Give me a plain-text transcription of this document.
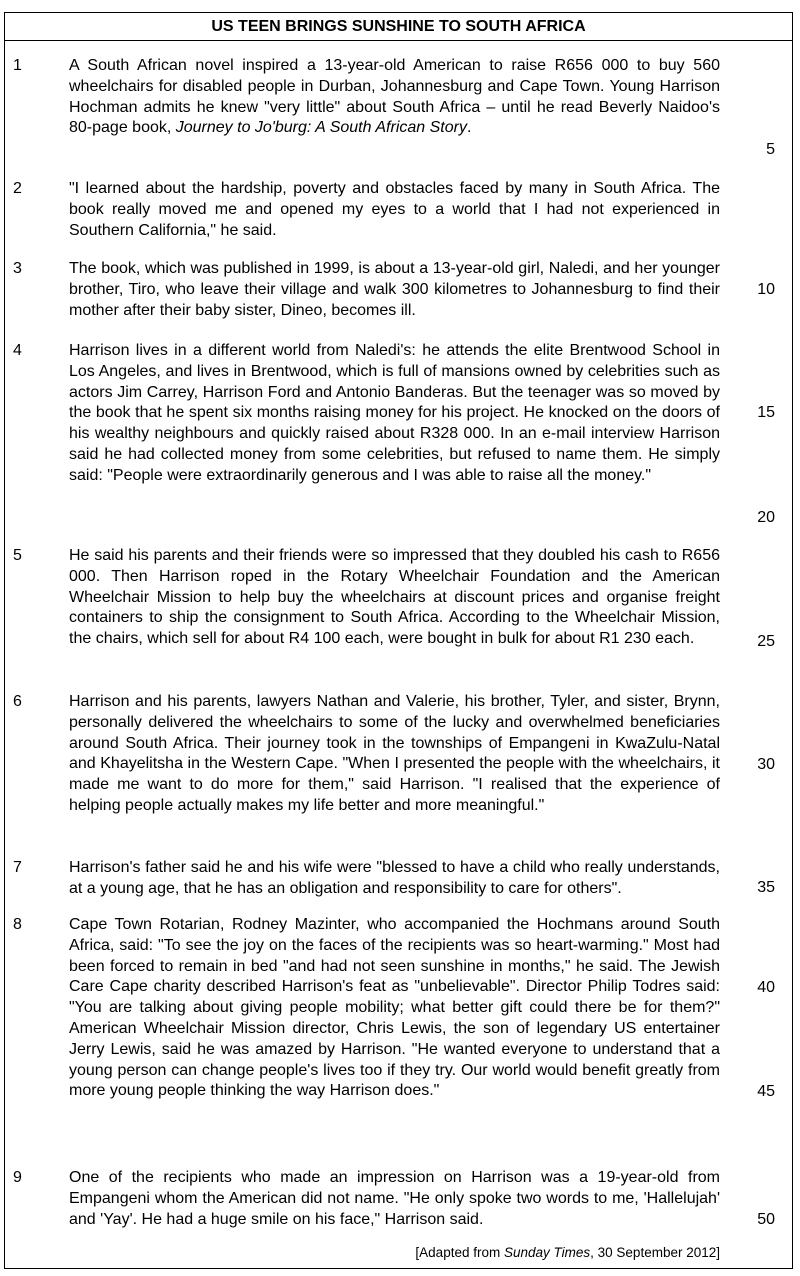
US TEEN BRINGS SUNSHINE TO SOUTH AFRICA
1	A South African novel inspired a 13-year-old American to raise R656 000 to buy 560 wheelchairs for disabled people in Durban, Johannesburg and Cape Town. Young Harrison Hochman admits he knew "very little" about South Africa – until he read Beverly Naidoo's 80-page book, Journey to Jo'burg: A South African Story.
2	"I learned about the hardship, poverty and obstacles faced by many in South Africa. The book really moved me and opened my eyes to a world that I had not experienced in Southern California," he said.
3	The book, which was published in 1999, is about a 13-year-old girl, Naledi, and her younger brother, Tiro, who leave their village and walk 300 kilometres to Johannesburg to find their mother after their baby sister, Dineo, becomes ill.
4	Harrison lives in a different world from Naledi's: he attends the elite Brentwood School in Los Angeles, and lives in Brentwood, which is full of mansions owned by celebrities such as actors Jim Carrey, Harrison Ford and Antonio Banderas. But the teenager was so moved by the book that he spent six months raising money for his project. He knocked on the doors of his wealthy neighbours and quickly raised about R328 000. In an e-mail interview Harrison said he had collected money from some celebrities, but refused to name them. He simply said: "People were extraordinarily generous and I was able to raise all the money."
5	He said his parents and their friends were so impressed that they doubled his cash to R656 000. Then Harrison roped in the Rotary Wheelchair Foundation and the American Wheelchair Mission to help buy the wheelchairs at discount prices and organise freight containers to ship the consignment to South Africa. According to the Wheelchair Mission, the chairs, which sell for about R4 100 each, were bought in bulk for about R1 230 each.
6	Harrison and his parents, lawyers Nathan and Valerie, his brother, Tyler, and sister, Brynn, personally delivered the wheelchairs to some of the lucky and overwhelmed beneficiaries around South Africa. Their journey took in the townships of Empangeni in KwaZulu-Natal and Khayelitsha in the Western Cape. "When I presented the people with the wheelchairs, it made me want to do more for them," said Harrison. "I realised that the experience of helping people actually makes my life better and more meaningful."
7	Harrison's father said he and his wife were "blessed to have a child who really understands, at a young age, that he has an obligation and responsibility to care for others".
8	Cape Town Rotarian, Rodney Mazinter, who accompanied the Hochmans around South Africa, said: "To see the joy on the faces of the recipients was so heart-warming." Most had been forced to remain in bed "and had not seen sunshine in months," he said. The Jewish Care Cape charity described Harrison's feat as "unbelievable". Director Philip Todres said: "You are talking about giving people mobility; what better gift could there be for them?" American Wheelchair Mission director, Chris Lewis, the son of legendary US entertainer Jerry Lewis, said he was amazed by Harrison. "He wanted everyone to understand that a young person can change people's lives too if they try. Our world would benefit greatly from more young people thinking the way Harrison does."
9	One of the recipients who made an impression on Harrison was a 19-year-old from Empangeni whom the American did not name. "He only spoke two words to me, 'Hallelujah' and 'Yay'. He had a huge smile on his face," Harrison said.
5
10
15
20
25
30
35
40
45
50
[Adapted from Sunday Times, 30 September 2012]
